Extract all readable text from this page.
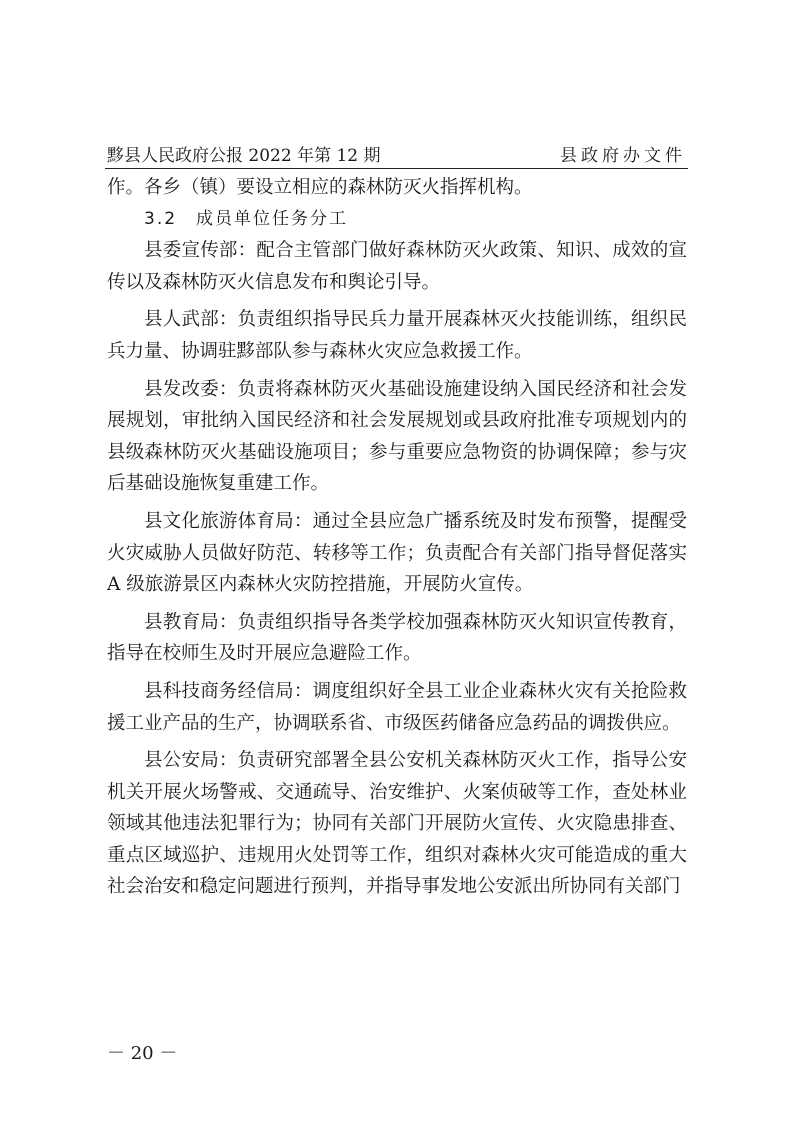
黟县人民政府公报 2022 年第 12 期	县政府办文件

作。各乡（镇）要设立相应的森林防灭火指挥机构。

3.2　成员单位任务分工

县委宣传部：配合主管部门做好森林防灭火政策、知识、成效的宣传以及森林防灭火信息发布和舆论引导。

县人武部：负责组织指导民兵力量开展森林灭火技能训练，组织民兵力量、协调驻黟部队参与森林火灾应急救援工作。

县发改委：负责将森林防灭火基础设施建设纳入国民经济和社会发展规划，审批纳入国民经济和社会发展规划或县政府批准专项规划内的县级森林防灭火基础设施项目；参与重要应急物资的协调保障；参与灾后基础设施恢复重建工作。

县文化旅游体育局：通过全县应急广播系统及时发布预警，提醒受火灾威胁人员做好防范、转移等工作；负责配合有关部门指导督促落实A 级旅游景区内森林火灾防控措施，开展防火宣传。

县教育局：负责组织指导各类学校加强森林防灭火知识宣传教育，指导在校师生及时开展应急避险工作。

县科技商务经信局：调度组织好全县工业企业森林火灾有关抢险救援工业产品的生产，协调联系省、市级医药储备应急药品的调拨供应。

县公安局：负责研究部署全县公安机关森林防灭火工作，指导公安机关开展火场警戒、交通疏导、治安维护、火案侦破等工作，查处林业领域其他违法犯罪行为；协同有关部门开展防火宣传、火灾隐患排查、重点区域巡护、违规用火处罚等工作，组织对森林火灾可能造成的重大社会治安和稳定问题进行预判，并指导事发地公安派出所协同有关部门

－ 20 －
